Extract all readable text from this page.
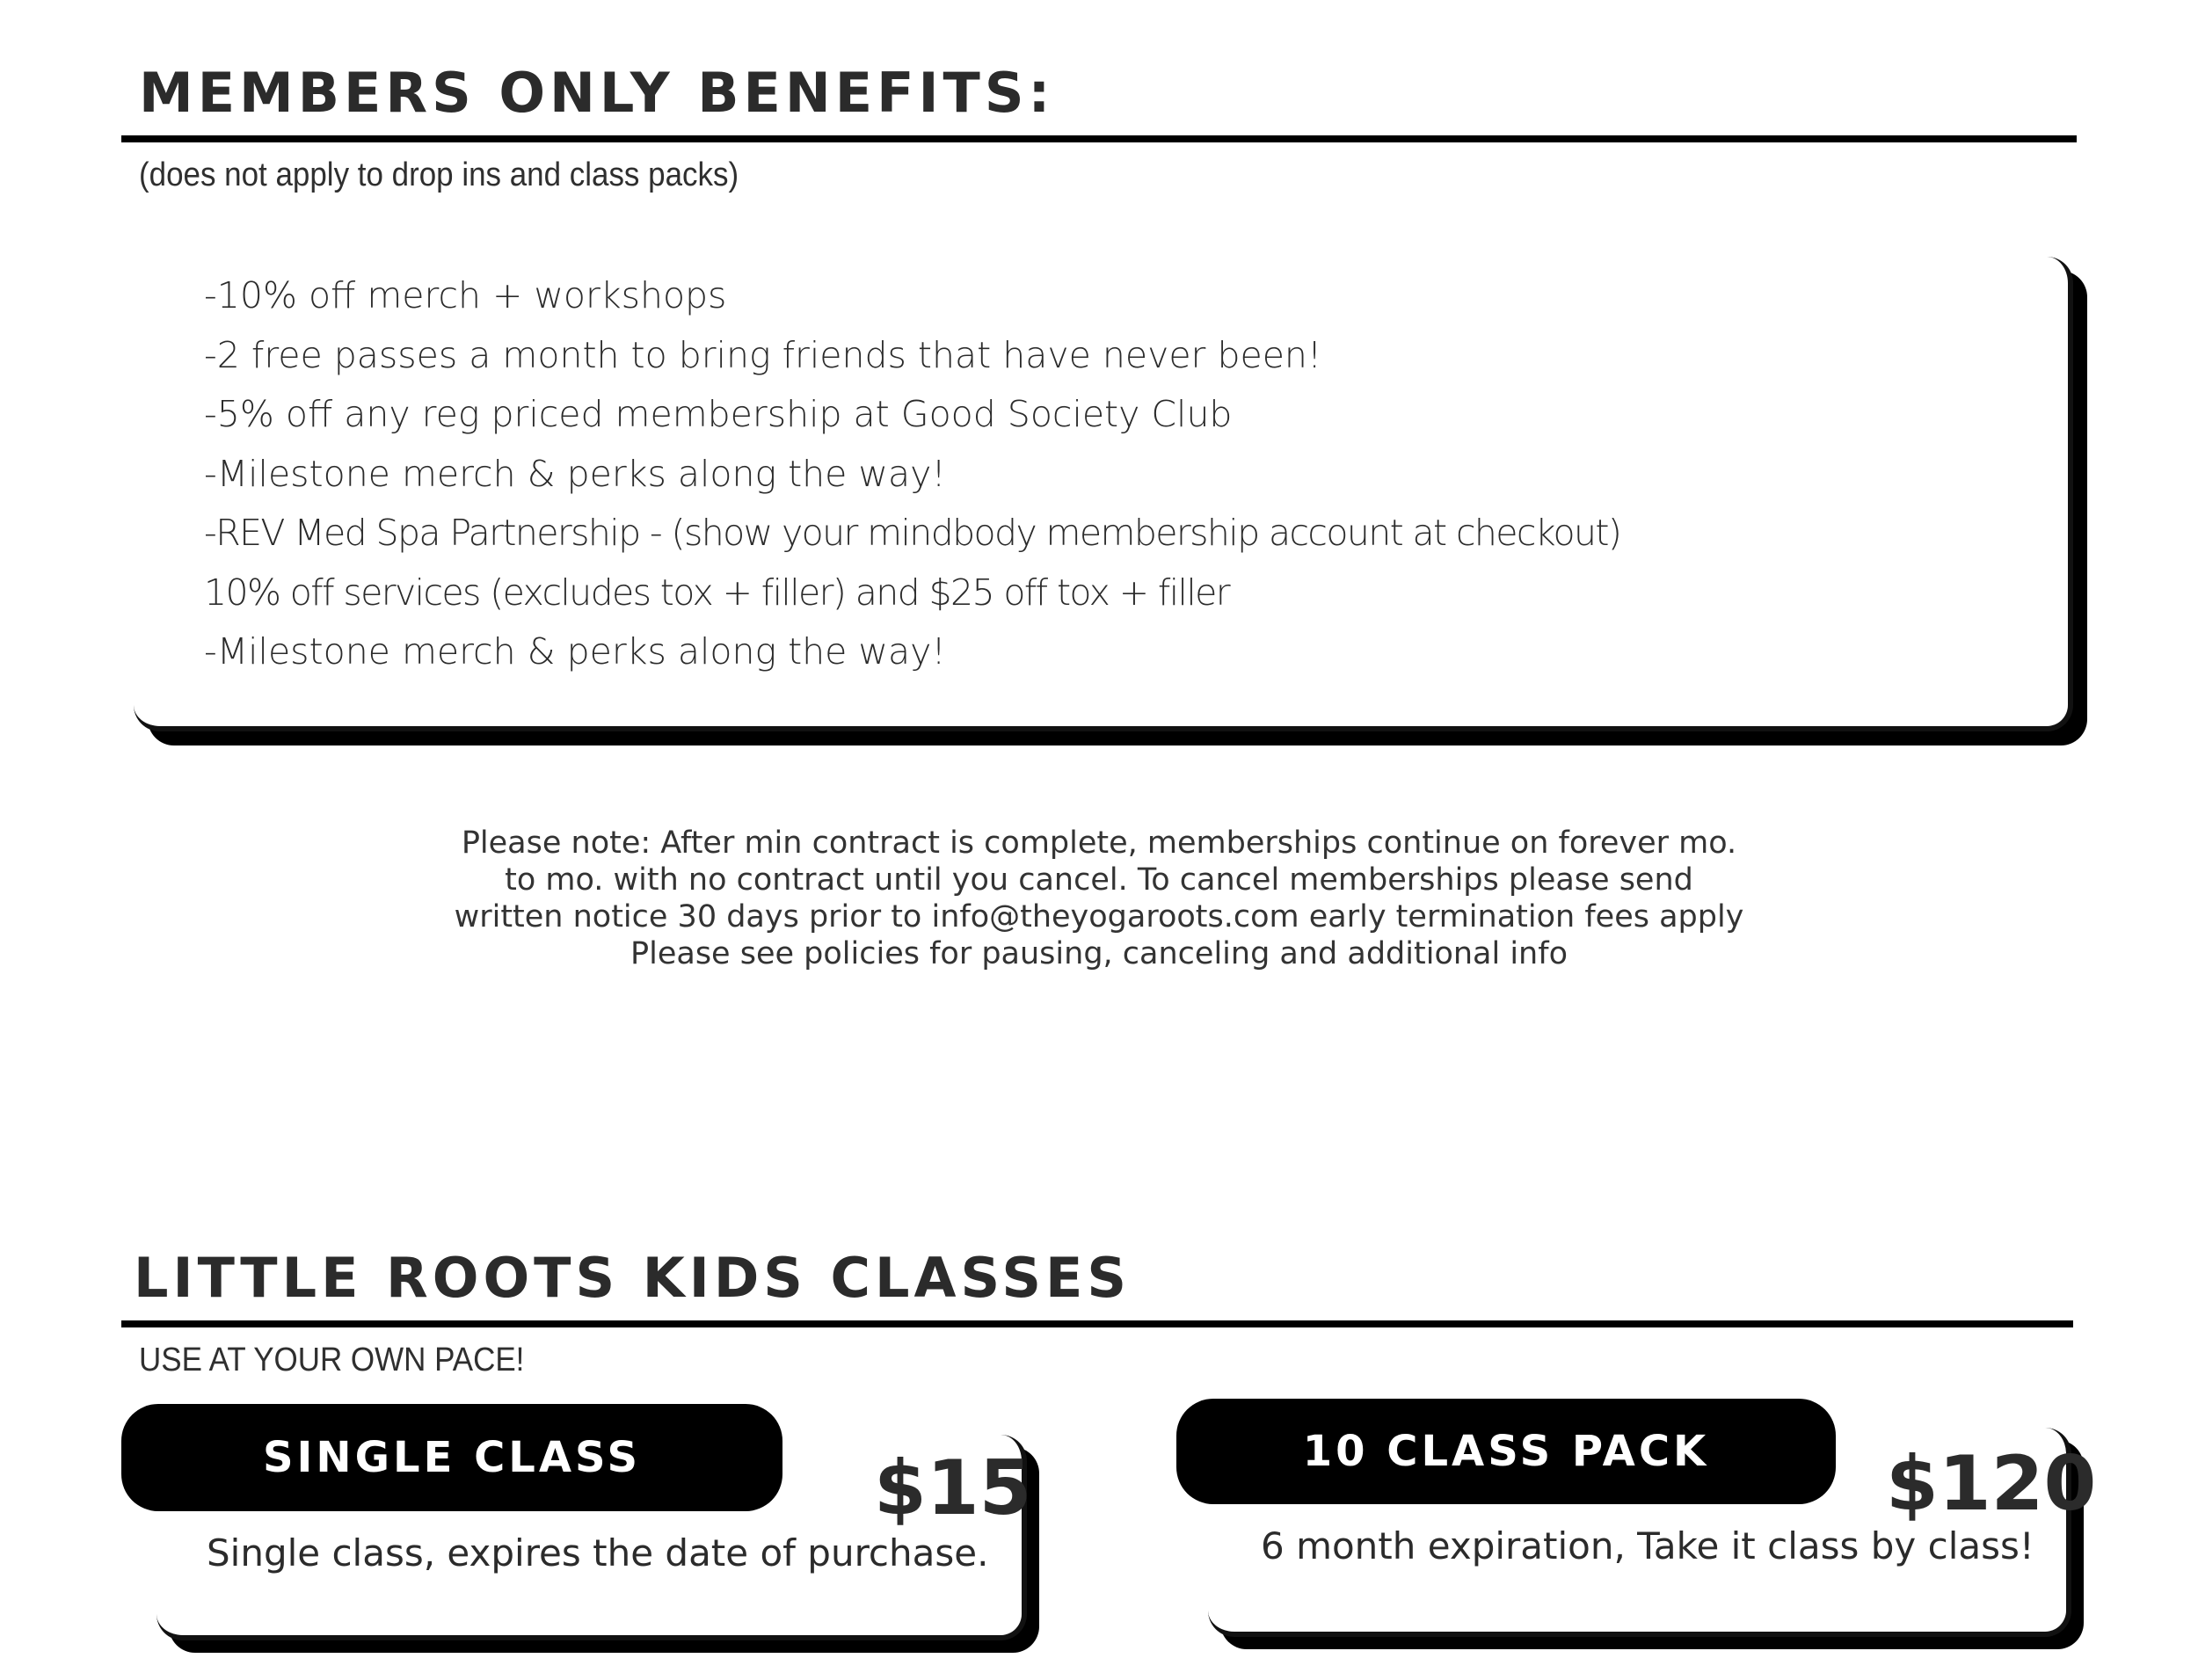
MEMBERS ONLY BENEFITS:

(does not apply to drop ins and class packs)

-10% off merch + workshops
-2 free passes a month to bring friends that have never been!
-5% off any reg priced membership at Good Society Club
-Milestone merch & perks along the way!
-REV Med Spa Partnership - (show your mindbody membership account at checkout)
10% off services (excludes tox + filler) and $25 off tox + filler
-Milestone merch & perks along the way!

Please note: After min contract is complete, memberships continue on forever mo.
to mo. with no contract until you cancel. To cancel memberships please send
written notice 30 days prior to info@theyogaroots.com early termination fees apply
Please see policies for pausing, canceling and additional info

LITTLE ROOTS KIDS CLASSES

USE AT YOUR OWN PACE!

SINGLE CLASS	$15

Single class, expires the date of purchase.

10 CLASS PACK	$120

6 month expiration, Take it class by class!
